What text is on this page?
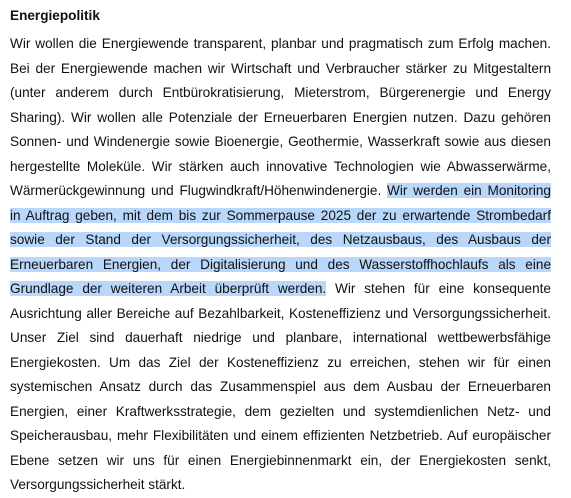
Energiepolitik

Wir wollen die Energiewende transparent, planbar und pragmatisch zum Erfolg machen. Bei der Energiewende machen wir Wirtschaft und Verbraucher stärker zu Mitgestaltern (unter anderem durch Entbürokratisierung, Mieterstrom, Bürgerenergie und Energy Sharing). Wir wollen alle Potenziale der Erneuerbaren Energien nutzen. Dazu gehören Sonnen- und Windenergie sowie Bioenergie, Geothermie, Wasserkraft sowie aus diesen hergestellte Moleküle. Wir stärken auch innovative Technologien wie Abwasserwärme, Wärmerückgewinnung und Flugwindkraft/Höhenwindenergie. Wir werden ein Monitoring in Auftrag geben, mit dem bis zur Sommerpause 2025 der zu erwartende Strombedarf sowie der Stand der Versorgungssicherheit, des Netzausbaus, des Ausbaus der Erneuerbaren Energien, der Digitalisierung und des Wasserstoffhochlaufs als eine Grundlage der weiteren Arbeit überprüft werden. Wir stehen für eine konsequente Ausrichtung aller Bereiche auf Bezahlbarkeit, Kosteneffizienz und Versorgungssicherheit. Unser Ziel sind dauerhaft niedrige und planbare, international wettbewerbsfähige Energiekosten. Um das Ziel der Kosteneffizienz zu erreichen, stehen wir für einen systemischen Ansatz durch das Zusammenspiel aus dem Ausbau der Erneuerbaren Energien, einer Kraftwerksstrategie, dem gezielten und systemdienlichen Netz- und Speicherausbau, mehr Flexibilitäten und einem effizienten Netzbetrieb. Auf europäischer Ebene setzen wir uns für einen Energiebinnenmarkt ein, der Energiekosten senkt, Versorgungssicherheit stärkt.
